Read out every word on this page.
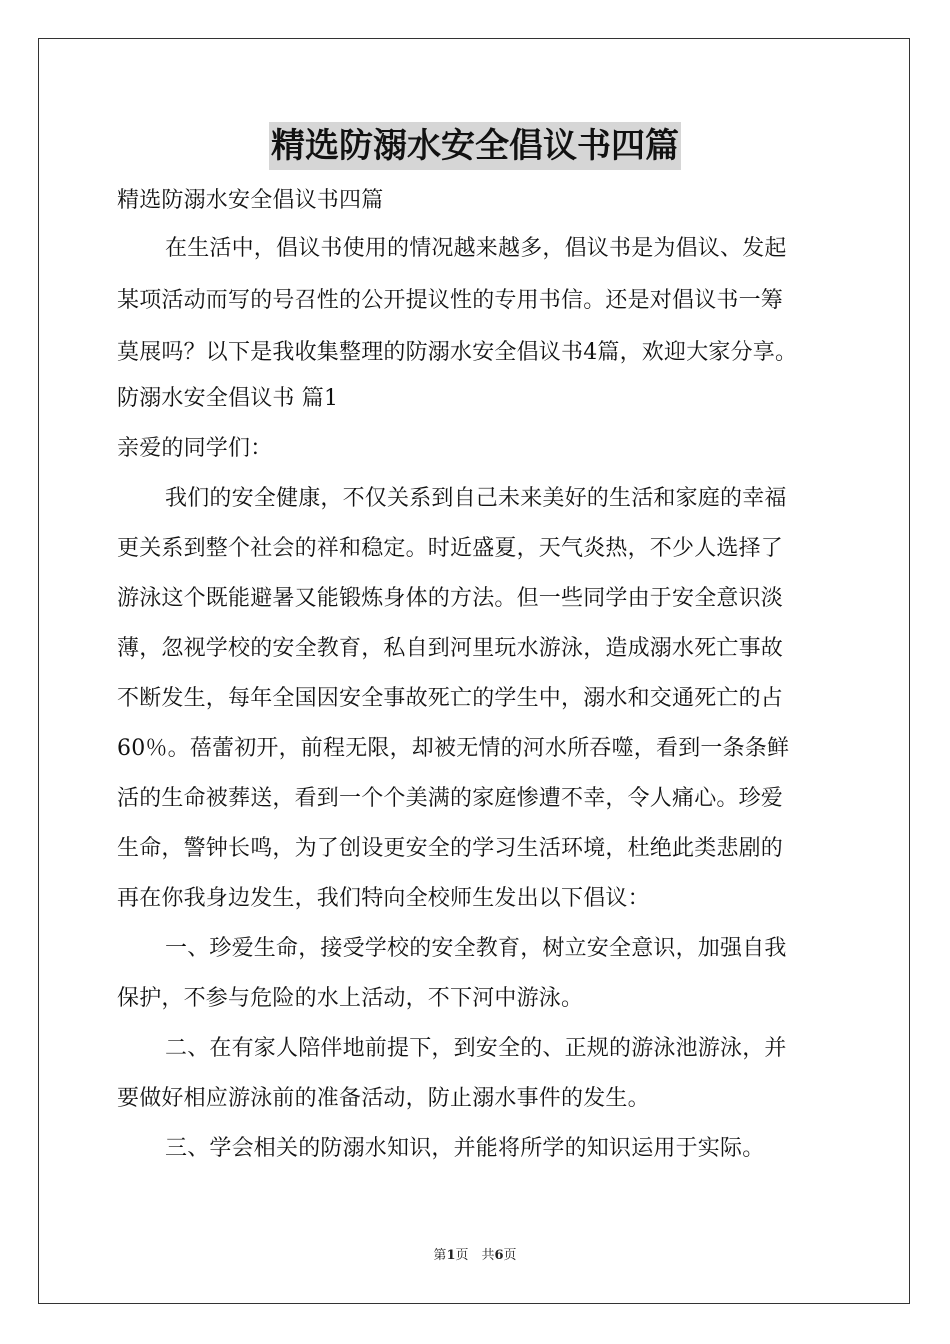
精选防溺水安全倡议书四篇
精选防溺水安全倡议书四篇
在生活中，倡议书使用的情况越来越多，倡议书是为倡议、发起
某项活动而写的号召性的公开提议性的专用书信。还是对倡议书一筹
莫展吗？以下是我收集整理的防溺水安全倡议书4篇，欢迎大家分享。
防溺水安全倡议书 篇1
亲爱的同学们：
我们的安全健康，不仅关系到自己未来美好的生活和家庭的幸福
更关系到整个社会的祥和稳定。时近盛夏，天气炎热，不少人选择了
游泳这个既能避暑又能锻炼身体的方法。但一些同学由于安全意识淡
薄，忽视学校的安全教育，私自到河里玩水游泳，造成溺水死亡事故
不断发生，每年全国因安全事故死亡的学生中，溺水和交通死亡的占
60％。蓓蕾初开，前程无限，却被无情的河水所吞噬，看到一条条鲜
活的生命被葬送，看到一个个美满的家庭惨遭不幸，令人痛心。珍爱
生命，警钟长鸣，为了创设更安全的学习生活环境，杜绝此类悲剧的
再在你我身边发生，我们特向全校师生发出以下倡议：
一、珍爱生命，接受学校的安全教育，树立安全意识，加强自我
保护，不参与危险的水上活动，不下河中游泳。
二、在有家人陪伴地前提下，到安全的、正规的游泳池游泳，并
要做好相应游泳前的准备活动，防止溺水事件的发生。
三、学会相关的防溺水知识，并能将所学的知识运用于实际。
第1页　共6页
